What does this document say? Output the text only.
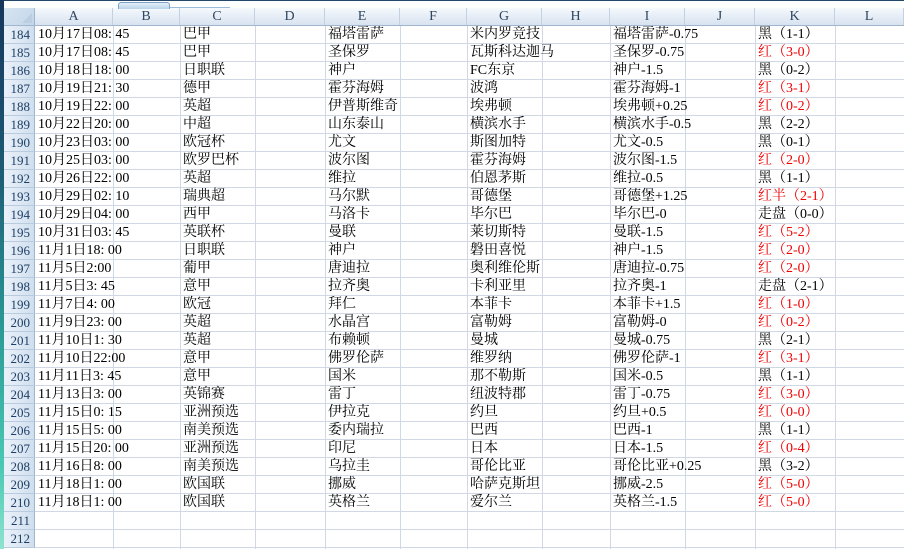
A	B	C	D	E	F	G	H	I	J	K	L
184
185
186
187
188
189
190
191
192
193
194
195
196
197
198
199
200
201
202
203
204
205
206
207
208
209
210
211
212
10月17日08: 45	巴甲	福塔雷萨	米内罗竞技	福塔雷萨-0.75	黑（1-1）
10月17日08: 45	巴甲	圣保罗	瓦斯科达迦马	圣保罗-0.75	红（3-0）
10月18日18: 00	日职联	神户	FC东京	神户-1.5	黑（0-2）
10月19日21: 30	德甲	霍芬海姆	波鸿	霍芬海姆-1	红（3-1）
10月19日22: 00	英超	伊普斯维奇	埃弗顿	埃弗顿+0.25	红（0-2）
10月22日20: 00	中超	山东泰山	横滨水手	横滨水手-0.5	黑（2-2）
10月23日03: 00	欧冠杯	尤文	斯图加特	尤文-0.5	黑（0-1）
10月25日03: 00	欧罗巴杯	波尔图	霍芬海姆	波尔图-1.5	红（2-0）
10月26日22: 00	英超	维拉	伯恩茅斯	维拉-0.5	黑（1-1）
10月29日02: 10	瑞典超	马尔默	哥德堡	哥德堡+1.25	红半（2-1）
10月29日04: 00	西甲	马洛卡	毕尔巴	毕尔巴-0	走盘（0-0）
10月31日03: 45	英联杯	曼联	莱切斯特	曼联-1.5	红（5-2）
11月1日18: 00	日职联	神户	磐田喜悦	神户-1.5	红（2-0）
11月5日2:00	葡甲	唐迪拉	奥利维伦斯	唐迪拉-0.75	红（2-0）
11月5日3: 45	意甲	拉齐奥	卡利亚里	拉齐奥-1	走盘（2-1）
11月7日4: 00	欧冠	拜仁	本菲卡	本菲卡+1.5	红（1-0）
11月9日23: 00	英超	水晶宫	富勒姆	富勒姆-0	红（0-2）
11月10日1: 30	英超	布赖顿	曼城	曼城-0.75	黑（2-1）
11月10日22:00	意甲	佛罗伦萨	维罗纳	佛罗伦萨-1	红（3-1）
11月11日3: 45	意甲	国米	那不勒斯	国米-0.5	黑（1-1）
11月13日3: 00	英锦赛	雷丁	纽波特郡	雷丁-0.75	红（3-0）
11月15日0: 15	亚洲预选	伊拉克	约旦	约旦+0.5	红（0-0）
11月15日5: 00	南美预选	委内瑞拉	巴西	巴西-1	黑（1-1）
11月15日20: 00	亚洲预选	印尼	日本	日本-1.5	红（0-4）
11月16日8: 00	南美预选	乌拉圭	哥伦比亚	哥伦比亚+0.25	黑（3-2）
11月18日1: 00	欧国联	挪威	哈萨克斯坦	挪威-2.5	红（5-0）
11月18日1: 00	欧国联	英格兰	爱尔兰	英格兰-1.5	红（5-0）
